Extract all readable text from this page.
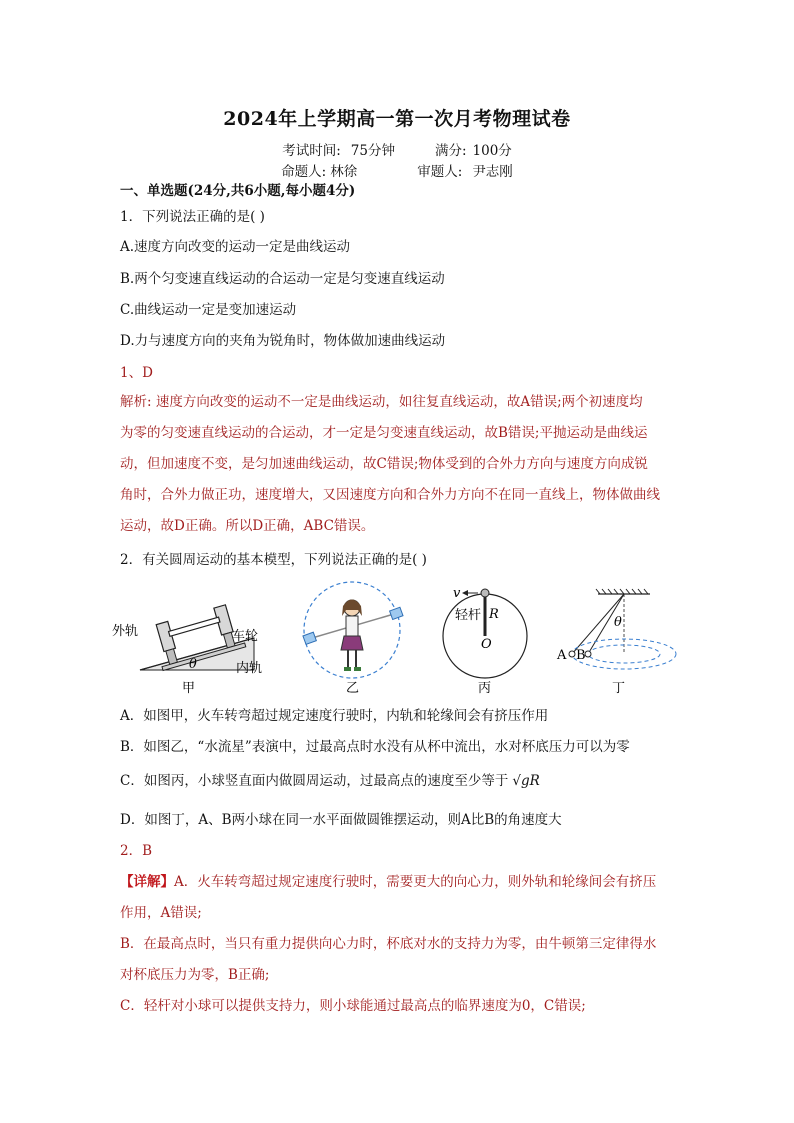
2024年上学期高一第一次月考物理试卷
考试时间: 75分钟	满分: 100分
命题人: 林徐	审题人: 尹志刚
一、单选题(24分,共6小题,每小题4分)
1．下列说法正确的是( )
A.速度方向改变的运动一定是曲线运动
B.两个匀变速直线运动的合运动一定是匀变速直线运动
C.曲线运动一定是变加速运动
D.力与速度方向的夹角为锐角时，物体做加速曲线运动
1、D
解析: 速度方向改变的运动不一定是曲线运动，如往复直线运动，故A错误;两个初速度均
为零的匀变速直线运动的合运动，才一定是匀变速直线运动，故B错误;平抛运动是曲线运
动，但加速度不变，是匀加速曲线运动，故C错误;物体受到的合外力方向与速度方向成锐
角时，合外力做正功，速度增大，又因速度方向和合外力方向不在同一直线上，物体做曲线
运动，故D正确。所以D正确，ABC错误。
2．有关圆周运动的基本模型，下列说法正确的是( )
外轨	车轮
内轨
θ
甲	乙
v
轻杆 R
O
丙
A B
θ
丁
A．如图甲，火车转弯超过规定速度行驶时，内轨和轮缘间会有挤压作用
B．如图乙，“水流星”表演中，过最高点时水没有从杯中流出，水对杯底压力可以为零
C．如图丙，小球竖直面内做圆周运动，过最高点的速度至少等于 √gR
D．如图丁，A、B两小球在同一水平面做圆锥摆运动，则A比B的角速度大
2．B
【详解】A．火车转弯超过规定速度行驶时，需要更大的向心力，则外轨和轮缘间会有挤压
作用，A错误;
B．在最高点时，当只有重力提供向心力时，杯底对水的支持力为零，由牛顿第三定律得水
对杯底压力为零，B正确;
C．轻杆对小球可以提供支持力，则小球能通过最高点的临界速度为0，C错误;
